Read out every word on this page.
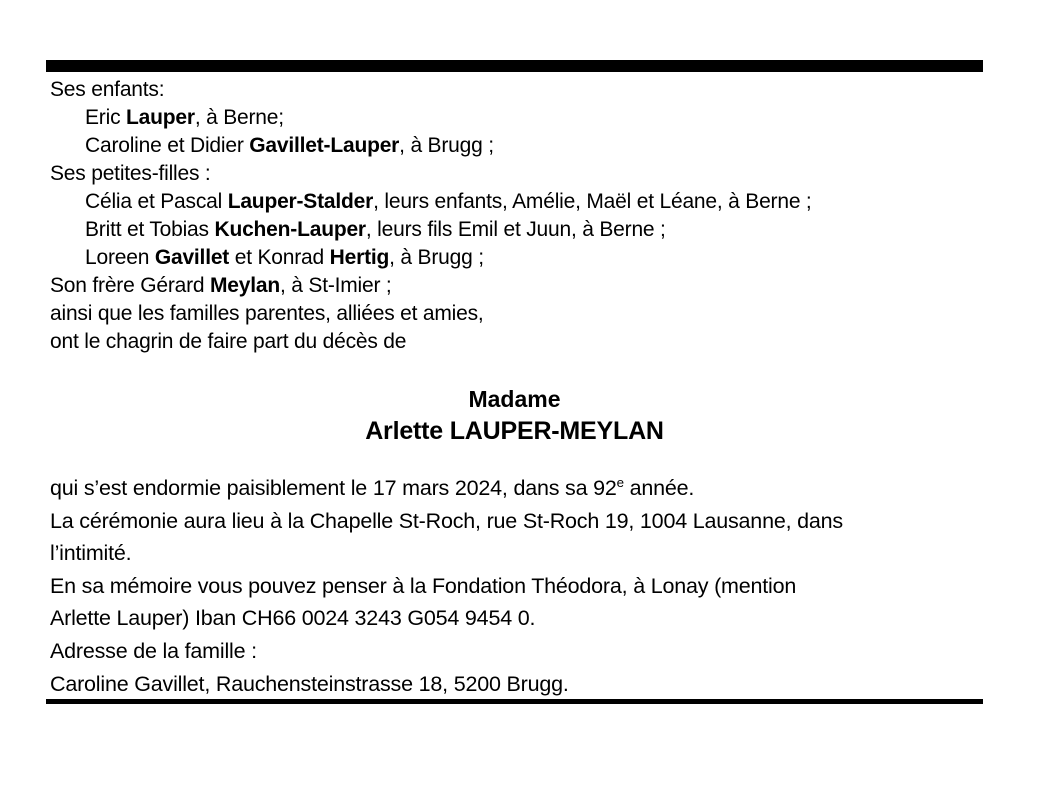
Ses enfants:
Eric Lauper, à Berne;
Caroline et Didier Gavillet-Lauper, à Brugg ;
Ses petites-filles :
Célia et Pascal Lauper-Stalder, leurs enfants, Amélie, Maël et Léane, à Berne ;
Britt et Tobias Kuchen-Lauper, leurs fils Emil et Juun, à Berne ;
Loreen Gavillet et Konrad Hertig, à Brugg ;
Son frère Gérard Meylan, à St-Imier ;
ainsi que les familles parentes, alliées et amies,
ont le chagrin de faire part du décès de
Madame
Arlette LAUPER-MEYLAN
qui s’est endormie paisiblement le 17 mars 2024, dans sa 92e année.
La cérémonie aura lieu à la Chapelle St-Roch, rue St-Roch 19, 1004 Lausanne, dans
l’intimité.
En sa mémoire vous pouvez penser à la Fondation Théodora, à Lonay (mention
Arlette Lauper) Iban CH66 0024 3243 G054 9454 0.
Adresse de la famille :
Caroline Gavillet, Rauchensteinstrasse 18, 5200 Brugg.
